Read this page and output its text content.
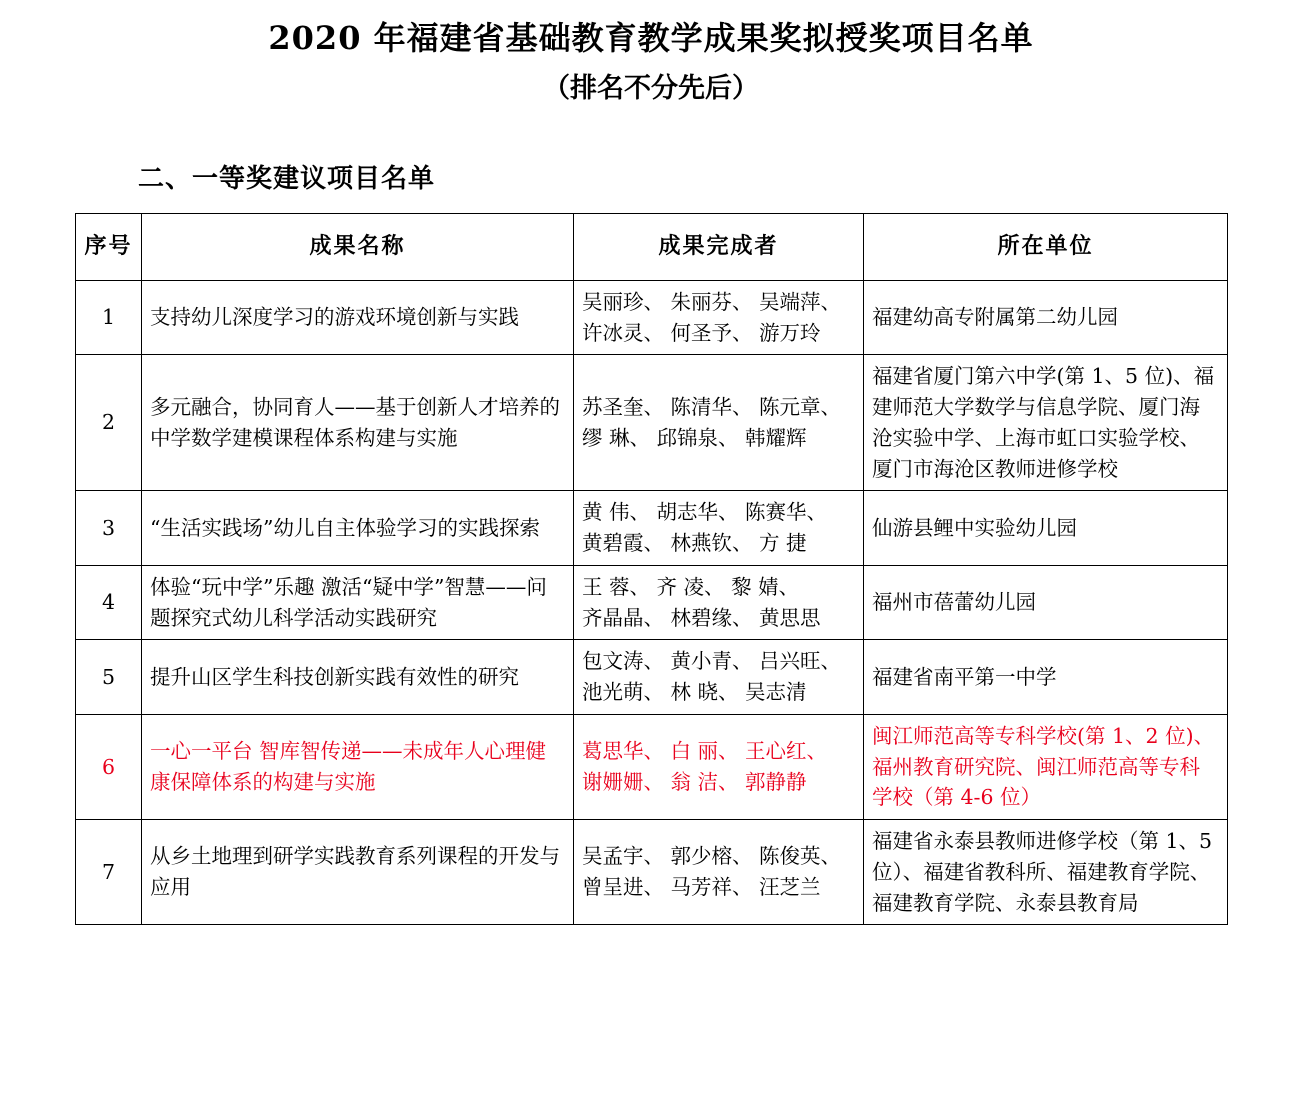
2020 年福建省基础教育教学成果奖拟授奖项目名单
（排名不分先后）
二、一等奖建议项目名单
序号	成果名称	成果完成者	所在单位
1	支持幼儿深度学习的游戏环境创新与实践	吴丽珍、 朱丽芬、 吴端萍、
许冰灵、 何圣予、 游万玲	福建幼高专附属第二幼儿园
2	多元融合，协同育人——基于创新人才培养的中学数学建模课程体系构建与实施	苏圣奎、 陈清华、 陈元章、
缪 琳、 邱锦泉、 韩耀辉	福建省厦门第六中学(第 1、5 位)、福建师范大学数学与信息学院、厦门海沧实验中学、上海市虹口实验学校、厦门市海沧区教师进修学校
3	“生活实践场”幼儿自主体验学习的实践探索	黄 伟、 胡志华、 陈赛华、
黄碧霞、 林燕钦、 方 捷	仙游县鲤中实验幼儿园
4	体验“玩中学”乐趣 激活“疑中学”智慧——问题探究式幼儿科学活动实践研究	王 蓉、 齐 凌、 黎 婧、
齐晶晶、 林碧缘、 黄思思	福州市蓓蕾幼儿园
5	提升山区学生科技创新实践有效性的研究	包文涛、 黄小青、 吕兴旺、
池光萌、 林 晓、 吴志清	福建省南平第一中学
6	一心一平台 智库智传递——未成年人心理健康保障体系的构建与实施	葛思华、 白 丽、 王心红、
谢姗姗、 翁 洁、 郭静静	闽江师范高等专科学校(第 1、2 位)、福州教育研究院、闽江师范高等专科学校（第 4-6 位）
7	从乡土地理到研学实践教育系列课程的开发与应用	吴孟宇、 郭少榕、 陈俊英、
曾呈进、 马芳祥、 汪芝兰	福建省永泰县教师进修学校（第 1、5 位）、福建省教科所、福建教育学院、福建教育学院、永泰县教育局
